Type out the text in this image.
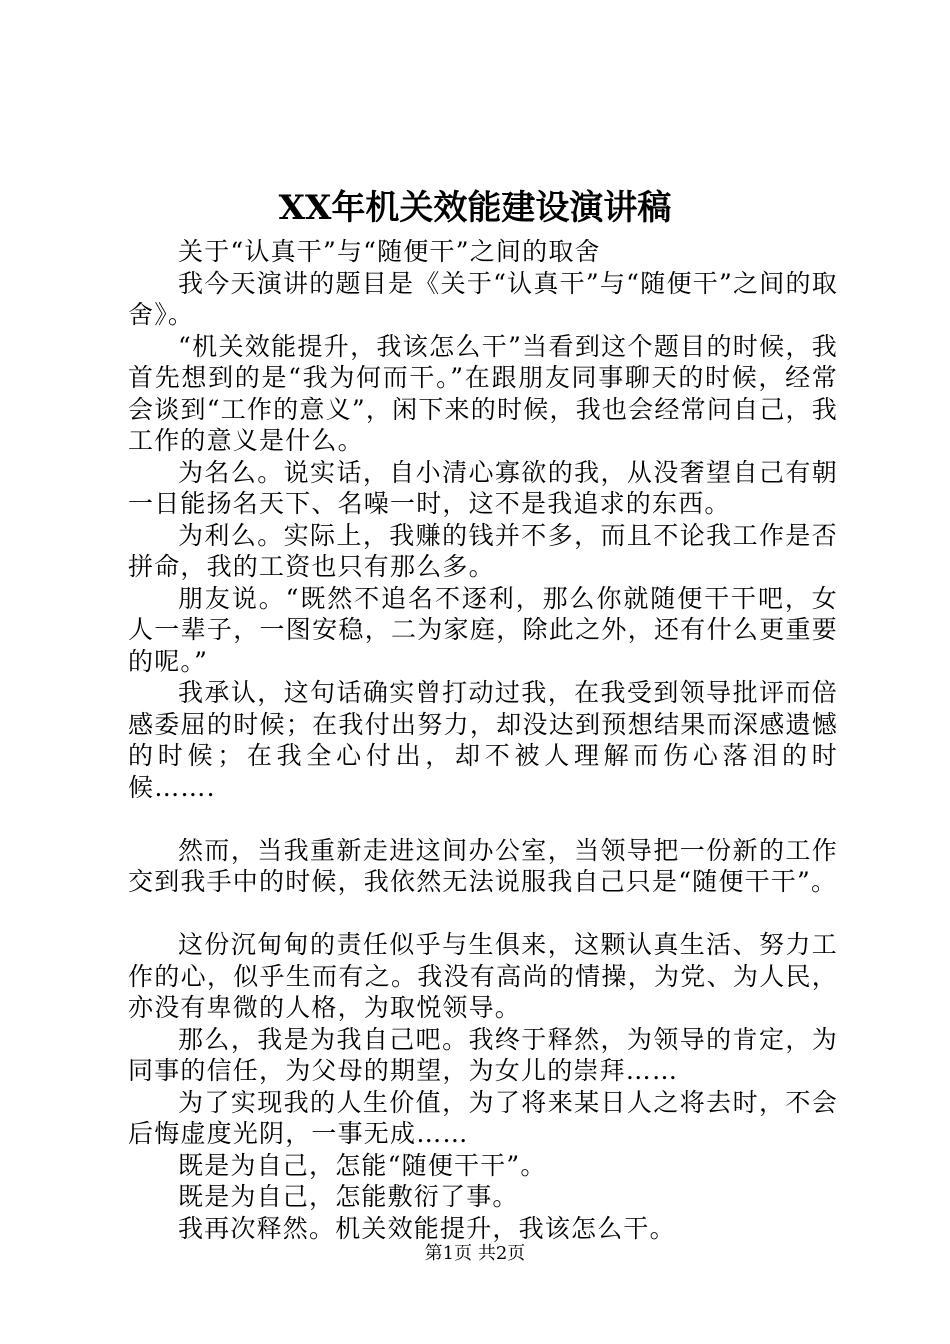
XX年机关效能建设演讲稿

关于“认真干”与“随便干”之间的取舍

我今天演讲的题目是《关于“认真干”与“随便干”之间的取舍》。

“机关效能提升，我该怎么干”当看到这个题目的时候，我首先想到的是“我为何而干。”在跟朋友同事聊天的时候，经常会谈到“工作的意义”，闲下来的时候，我也会经常问自己，我工作的意义是什么。

为名么。说实话，自小清心寡欲的我，从没奢望自己有朝一日能扬名天下、名噪一时，这不是我追求的东西。

为利么。实际上，我赚的钱并不多，而且不论我工作是否拼命，我的工资也只有那么多。

朋友说。“既然不追名不逐利，那么你就随便干干吧，女人一辈子，一图安稳，二为家庭，除此之外，还有什么更重要的呢。”

我承认，这句话确实曾打动过我，在我受到领导批评而倍感委屈的时候；在我付出努力，却没达到预想结果而深感遗憾的时候；在我全心付出，却不被人理解而伤心落泪的时候…….

然而，当我重新走进这间办公室，当领导把一份新的工作交到我手中的时候，我依然无法说服我自己只是“随便干干”。

这份沉甸甸的责任似乎与生俱来，这颗认真生活、努力工作的心，似乎生而有之。我没有高尚的情操，为党、为人民，亦没有卑微的人格，为取悦领导。

那么，我是为我自己吧。我终于释然，为领导的肯定，为同事的信任，为父母的期望，为女儿的崇拜……

为了实现我的人生价值，为了将来某日人之将去时，不会后悔虚度光阴，一事无成……

既是为自己，怎能“随便干干”。

既是为自己，怎能敷衍了事。

我再次释然。机关效能提升，我该怎么干。

第1页 共2页
